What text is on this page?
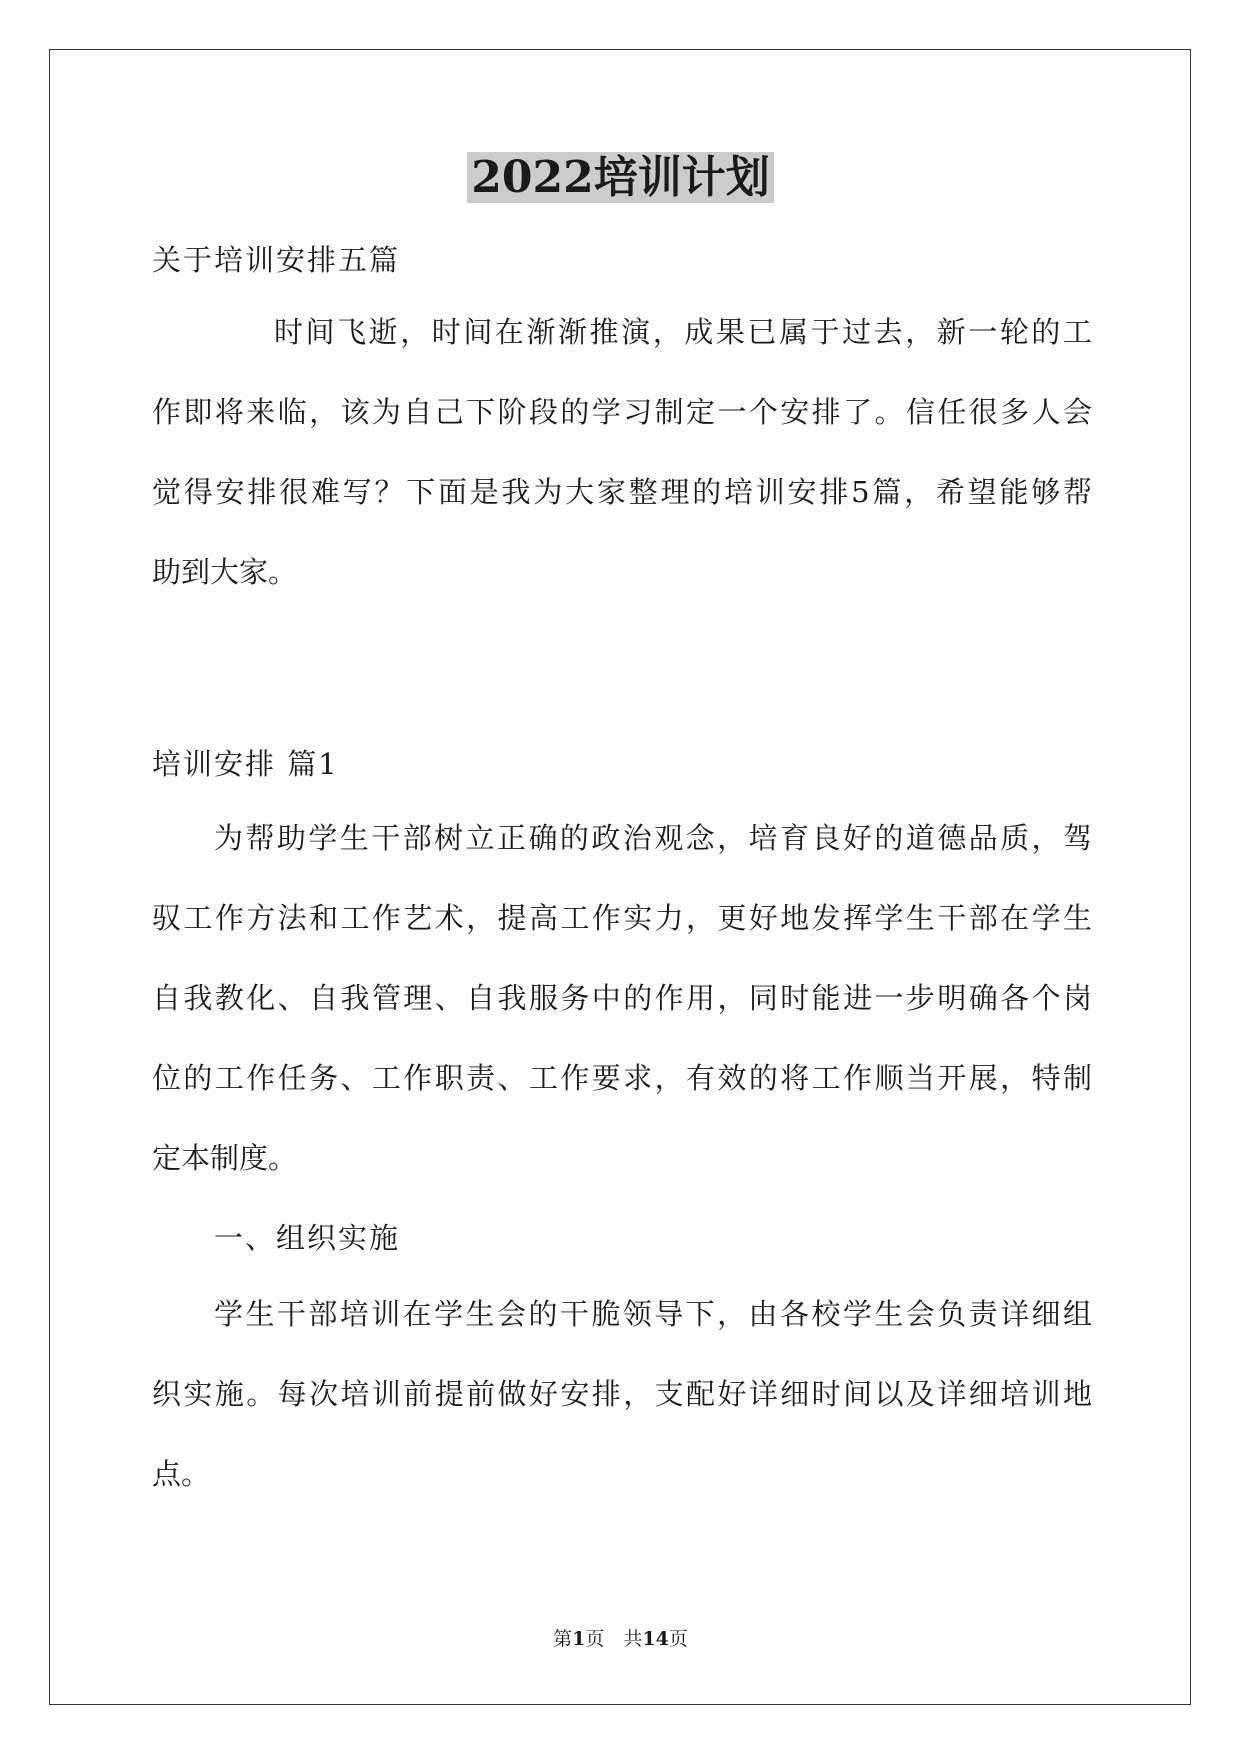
2022培训计划

关于培训安排五篇

时间飞逝，时间在渐渐推演，成果已属于过去，新一轮的工
作即将来临，该为自己下阶段的学习制定一个安排了。信任很多人会
觉得安排很难写？下面是我为大家整理的培训安排5篇，希望能够帮
助到大家。

培训安排 篇1

为帮助学生干部树立正确的政治观念，培育良好的道德品质，驾
驭工作方法和工作艺术，提高工作实力，更好地发挥学生干部在学生
自我教化、自我管理、自我服务中的作用，同时能进一步明确各个岗
位的工作任务、工作职责、工作要求，有效的将工作顺当开展，特制
定本制度。

一、组织实施

学生干部培训在学生会的干脆领导下，由各校学生会负责详细组
织实施。每次培训前提前做好安排，支配好详细时间以及详细培训地
点。

第1页　共14页
